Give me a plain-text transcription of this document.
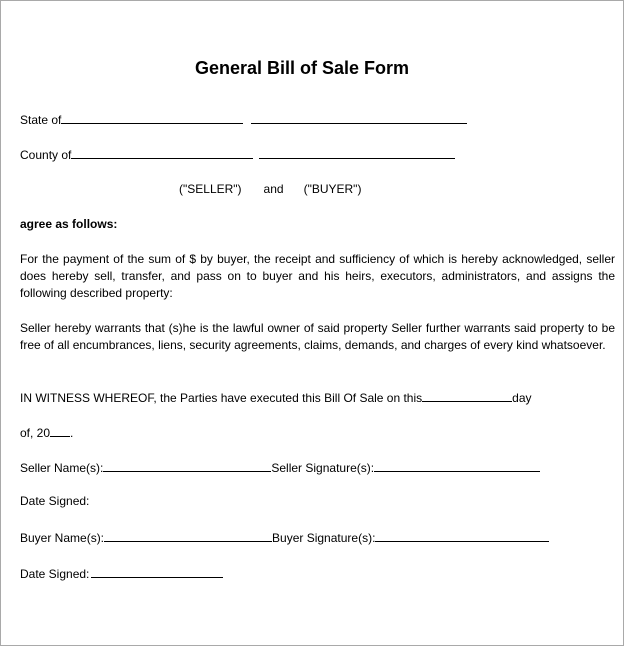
General Bill of Sale Form
State of
County of
("SELLER") and ("BUYER")
agree as follows:
For the payment of the sum of $ by buyer, the receipt and sufficiency of which is hereby acknowledged, seller does hereby sell, transfer, and pass on to buyer and his heirs, executors, administrators, and assigns the following described property:
Seller hereby warrants that (s)he is the lawful owner of said property Seller further warrants said property to be free of all encumbrances, liens, security agreements, claims, demands, and charges of every kind whatsoever.
IN WITNESS WHEREOF, the Parties have executed this Bill Of Sale on this	day
of, 20 .
Seller Name(s):	Seller Signature(s):
Date Signed:
Buyer Name(s):	Buyer Signature(s):
Date Signed:
